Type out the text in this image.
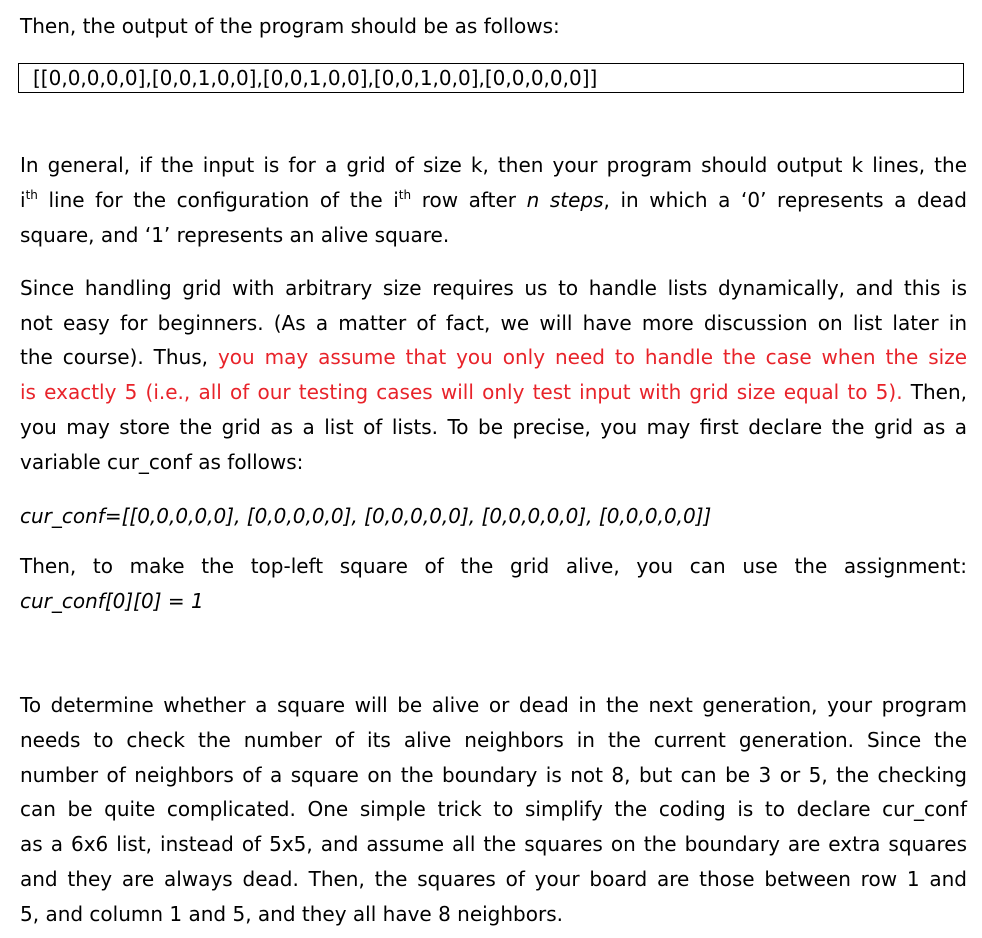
Then, the output of the program should be as follows:
[[0,0,0,0,0],[0,0,1,0,0],[0,0,1,0,0],[0,0,1,0,0],[0,0,0,0,0]]
In general, if the input is for a grid of size k, then your program should output k lines, the
$i^{th}$ line for the configuration of the $i^{th}$ row after n steps, in which a ‘0’ represents a dead
square, and ‘1’ represents an alive square.
Since handling grid with arbitrary size requires us to handle lists dynamically, and this is
not easy for beginners. (As a matter of fact, we will have more discussion on list later in
the course). Thus, you may assume that you only need to handle the case when the size
is exactly 5 (i.e., all of our testing cases will only test input with grid size equal to 5). Then,
you may store the grid as a list of lists. To be precise, you may first declare the grid as a
variable cur_conf as follows:
cur_conf=[[0,0,0,0,0], [0,0,0,0,0], [0,0,0,0,0], [0,0,0,0,0], [0,0,0,0,0]]
Then, to make the top-left square of the grid alive, you can use the assignment:
cur_conf[0][0] = 1
To determine whether a square will be alive or dead in the next generation, your program
needs to check the number of its alive neighbors in the current generation. Since the
number of neighbors of a square on the boundary is not 8, but can be 3 or 5, the checking
can be quite complicated. One simple trick to simplify the coding is to declare cur_conf
as a 6x6 list, instead of 5x5, and assume all the squares on the boundary are extra squares
and they are always dead. Then, the squares of your board are those between row 1 and
5, and column 1 and 5, and they all have 8 neighbors.
